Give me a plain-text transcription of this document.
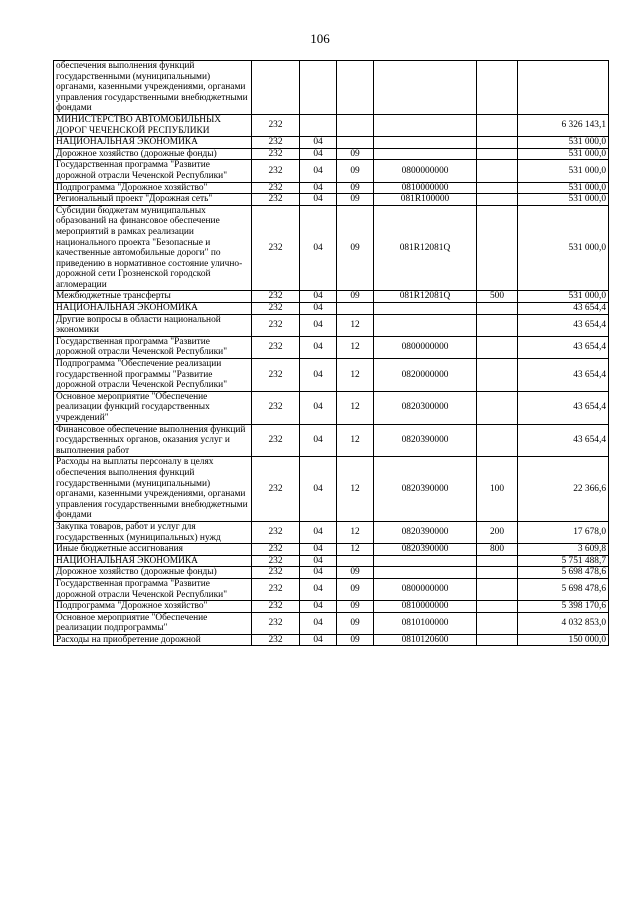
106
обеспечения выполнения функций государственными (муниципальными) органами, казенными учреждениями, органами управления государственными внебюджетными фондами						
МИНИСТЕРСТВО АВТОМОБИЛЬНЫХ ДОРОГ ЧЕЧЕНСКОЙ РЕСПУБЛИКИ	232					6 326 143,1
НАЦИОНАЛЬНАЯ ЭКОНОМИКА	232	04				531 000,0
Дорожное хозяйство (дорожные фонды)	232	04	09			531 000,0
Государственная программа "Развитие дорожной отрасли Чеченской Республики"	232	04	09	0800000000		531 000,0
Подпрограмма "Дорожное хозяйство"	232	04	09	0810000000		531 000,0
Региональный проект "Дорожная сеть"	232	04	09	081R100000		531 000,0
Субсидии бюджетам муниципальных образований на финансовое обеспечение мероприятий в рамках реализации национального проекта "Безопасные и качественные автомобильные дороги" по приведению в нормативное состояние улично-дорожной сети Грозненской городской агломерации	232	04	09	081R12081Q		531 000,0
Межбюджетные трансферты	232	04	09	081R12081Q	500	531 000,0
НАЦИОНАЛЬНАЯ ЭКОНОМИКА	232	04				43 654,4
Другие вопросы в области национальной экономики	232	04	12			43 654,4
Государственная программа "Развитие дорожной отрасли Чеченской Республики"	232	04	12	0800000000		43 654,4
Подпрограмма "Обеспечение реализации государственной программы "Развитие дорожной отрасли Чеченской Республики"	232	04	12	0820000000		43 654,4
Основное мероприятие "Обеспечение реализации функций государственных учреждений"	232	04	12	0820300000		43 654,4
Финансовое обеспечение выполнения функций государственных органов, оказания услуг и выполнения работ	232	04	12	0820390000		43 654,4
Расходы на выплаты персоналу в целях обеспечения выполнения функций государственными (муниципальными) органами, казенными учреждениями, органами управления государственными внебюджетными фондами	232	04	12	0820390000	100	22 366,6
Закупка товаров, работ и услуг для государственных (муниципальных) нужд	232	04	12	0820390000	200	17 678,0
Иные бюджетные ассигнования	232	04	12	0820390000	800	3 609,8
НАЦИОНАЛЬНАЯ ЭКОНОМИКА	232	04				5 751 488,7
Дорожное хозяйство (дорожные фонды)	232	04	09			5 698 478,6
Государственная программа "Развитие дорожной отрасли Чеченской Республики"	232	04	09	0800000000		5 698 478,6
Подпрограмма "Дорожное хозяйство"	232	04	09	0810000000		5 398 170,6
Основное мероприятие "Обеспечение реализации подпрограммы"	232	04	09	0810100000		4 032 853,0
Расходы на приобретение дорожной	232	04	09	0810120600		150 000,0
